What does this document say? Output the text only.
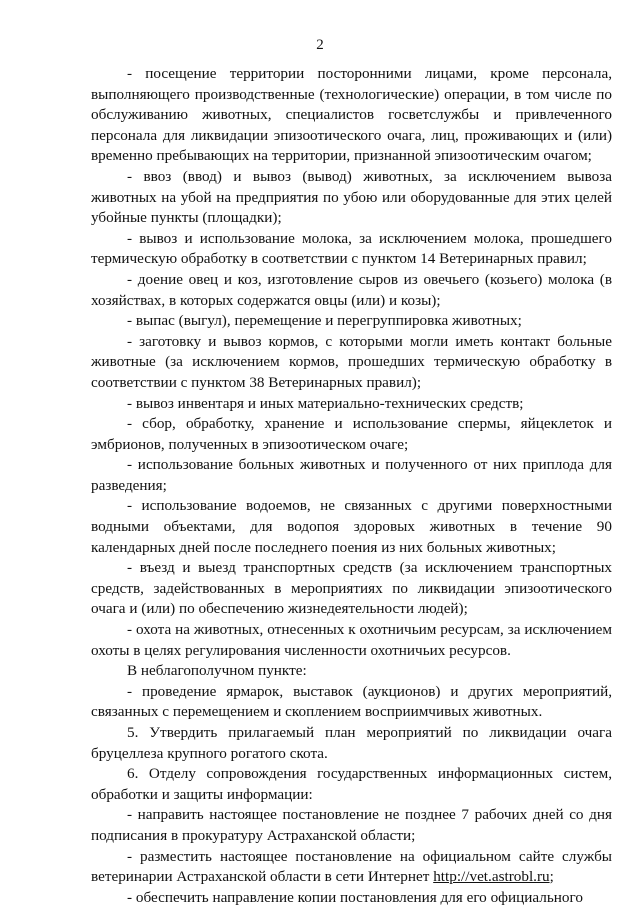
2

- посещение территории посторонними лицами, кроме персонала, выполняющего производственные (технологические) операции, в том числе по обслуживанию животных, специалистов госветслужбы и привлеченного персонала для ликвидации эпизоотического очага, лиц, проживающих и (или) временно пребывающих на территории, признанной эпизоотическим очагом;

- ввоз (ввод) и вывоз (вывод) животных, за исключением вывоза животных на убой на предприятия по убою или оборудованные для этих целей убойные пункты (площадки);

- вывоз и использование молока, за исключением молока, прошедшего термическую обработку в соответствии с пунктом 14 Ветеринарных правил;

- доение овец и коз, изготовление сыров из овечьего (козьего) молока (в хозяйствах, в которых содержатся овцы (или) и козы);

- выпас (выгул), перемещение и перегруппировка животных;

- заготовку и вывоз кормов, с которыми могли иметь контакт больные животные (за исключением кормов, прошедших термическую обработку в соответствии с пунктом 38 Ветеринарных правил);

- вывоз инвентаря и иных материально-технических средств;

- сбор, обработку, хранение и использование спермы, яйцеклеток и эмбрионов, полученных в эпизоотическом очаге;

- использование больных животных и полученного от них приплода для разведения;

- использование водоемов, не связанных с другими поверхностными водными объектами, для водопоя здоровых животных в течение 90 календарных дней после последнего поения из них больных животных;

- въезд и выезд транспортных средств (за исключением транспортных средств, задействованных в мероприятиях по ликвидации эпизоотического очага и (или) по обеспечению жизнедеятельности людей);

- охота на животных, отнесенных к охотничьим ресурсам, за исключением охоты в целях регулирования численности охотничьих ресурсов.

В неблагополучном пункте:

- проведение ярмарок, выставок (аукционов) и других мероприятий, связанных с перемещением и скоплением восприимчивых животных.

5. Утвердить прилагаемый план мероприятий по ликвидации очага бруцеллеза крупного рогатого скота.

6. Отделу сопровождения государственных информационных систем, обработки и защиты информации:

- направить настоящее постановление не позднее 7 рабочих дней со дня подписания в прокуратуру Астраханской области;

- разместить настоящее постановление на официальном сайте службы ветеринарии Астраханской области в сети Интернет http://vet.astrobl.ru;

- обеспечить направление копии постановления для его официального
